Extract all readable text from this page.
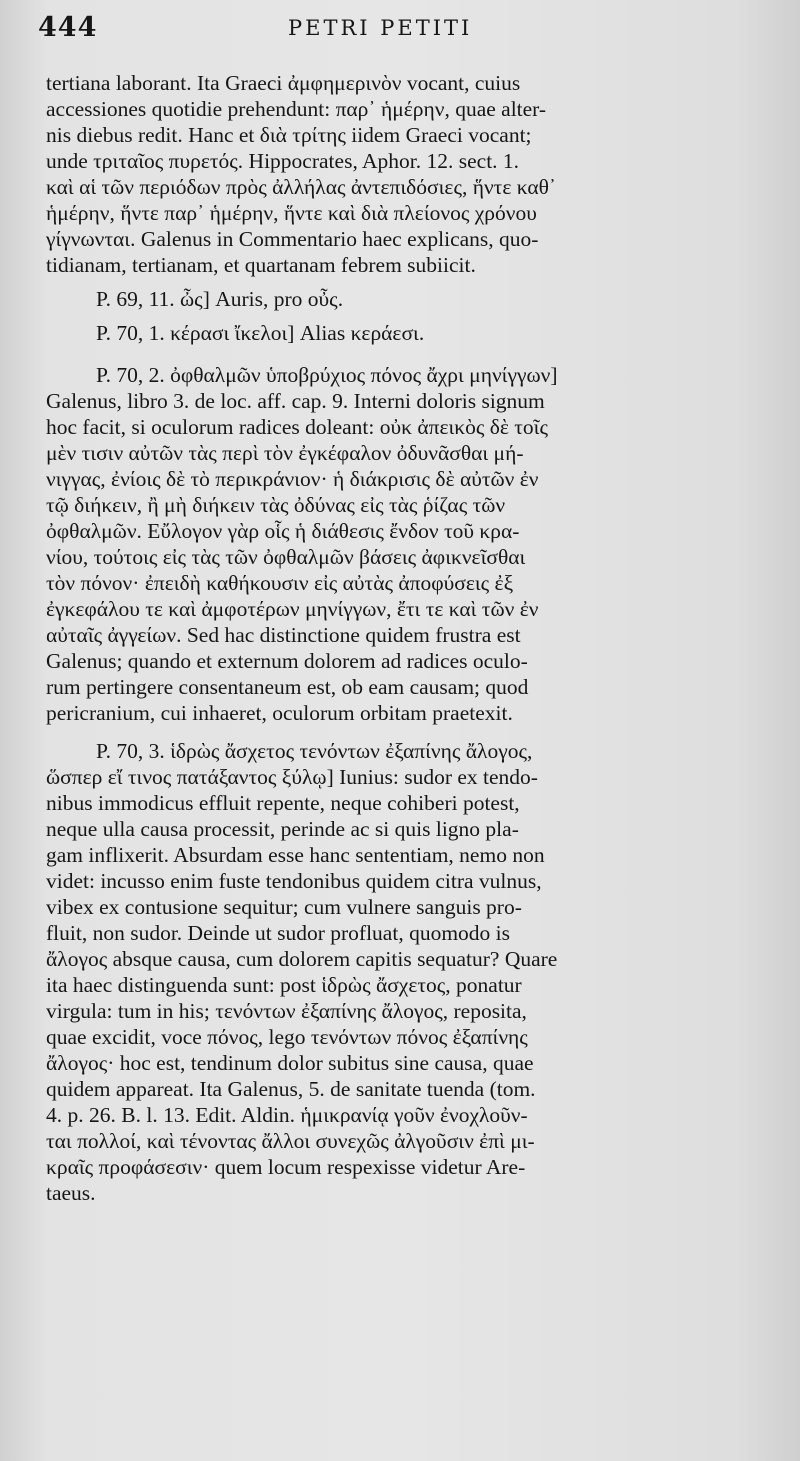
444	PETRI PETITI
tertiana laborant. Ita Graeci ἀμφημερινὸν vocant, cuius
accessiones quotidie prehendunt: παρ᾽ ἡμέρην, quae alter-
nis diebus redit. Hanc et διὰ τρίτης iidem Graeci vocant;
unde τριταῖος πυρετός. Hippocrates, Aphor. 12. sect. 1.
καὶ αἱ τῶν περιόδων πρὸς ἀλλήλας ἀντεπιδόσιες, ἥντε καθ᾽
ἡμέρην, ἥντε παρ᾽ ἡμέρην, ἥντε καὶ διὰ πλείονος χρόνου
γίγνωνται. Galenus in Commentario haec explicans, quo-
tidianam, tertianam, et quartanam febrem subiicit.
P. 69, 11. ὦς] Auris, pro οὖς.
P. 70, 1. κέρασι ἴκελοι] Alias κεράεσι.
P. 70, 2. ὀφθαλμῶν ὑποβρύχιος πόνος ἄχρι μηνίγγων]
Galenus, libro 3. de loc. aff. cap. 9. Interni doloris signum
hoc facit, si oculorum radices doleant: οὐκ ἀπεικὸς δὲ τοῖς
μὲν τισιν αὐτῶν τὰς περὶ τὸν ἐγκέφαλον ὀδυνᾶσθαι μή-
νιγγας, ἐνίοις δὲ τὸ περικράνιον· ἡ διάκρισις δὲ αὐτῶν ἐν
τῷ διήκειν, ἢ μὴ διήκειν τὰς ὀδύνας εἰς τὰς ῥίζας τῶν
ὀφθαλμῶν. Εὔλογον γὰρ οἷς ἡ διάθεσις ἔνδον τοῦ κρα-
νίου, τούτοις εἰς τὰς τῶν ὀφθαλμῶν βάσεις ἀφικνεῖσθαι
τὸν πόνον· ἐπειδὴ καθήκουσιν εἰς αὐτὰς ἀποφύσεις ἐξ
ἐγκεφάλου τε καὶ ἀμφοτέρων μηνίγγων, ἔτι τε καὶ τῶν ἐν
αὐταῖς ἀγγείων. Sed hac distinctione quidem frustra est
Galenus; quando et externum dolorem ad radices oculo-
rum pertingere consentaneum est, ob eam causam; quod
pericranium, cui inhaeret, oculorum orbitam praetexit.
P. 70, 3. ἱδρὼς ἄσχετος τενόντων ἐξαπίνης ἄλογος,
ὥσπερ εἴ τινος πατάξαντος ξύλῳ] Iunius: sudor ex tendo-
nibus immodicus effluit repente, neque cohiberi potest,
neque ulla causa processit, perinde ac si quis ligno pla-
gam inflixerit. Absurdam esse hanc sententiam, nemo non
videt: incusso enim fuste tendonibus quidem citra vulnus,
vibex ex contusione sequitur; cum vulnere sanguis pro-
fluit, non sudor. Deinde ut sudor profluat, quomodo is
ἄλογος absque causa, cum dolorem capitis sequatur? Quare
ita haec distinguenda sunt: post ἱδρὼς ἄσχετος, ponatur
virgula: tum in his; τενόντων ἐξαπίνης ἄλογος, reposita,
quae excidit, voce πόνος, lego τενόντων πόνος ἐξαπίνης
ἄλογος· hoc est, tendinum dolor subitus sine causa, quae
quidem appareat. Ita Galenus, 5. de sanitate tuenda (tom.
4. p. 26. B. l. 13. Edit. Aldin. ἡμικρανίᾳ γοῦν ἐνοχλοῦν-
ται πολλοί, καὶ τένοντας ἄλλοι συνεχῶς ἀλγοῦσιν ἐπὶ μι-
κραῖς προφάσεσιν· quem locum respexisse videtur Are-
taeus.
